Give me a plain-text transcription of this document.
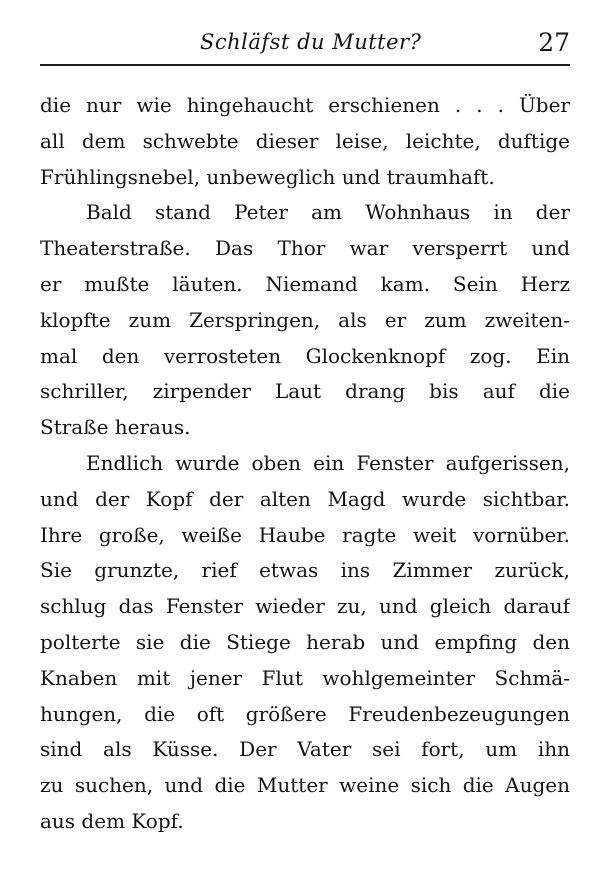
Schläfst du Mutter?	27
die nur wie hingehaucht erschienen . . . Über
all dem schwebte dieser leise, leichte, duftige
Frühlingsnebel, unbeweglich und traumhaft.
Bald stand Peter am Wohnhaus in der
Theaterstraße. Das Thor war versperrt und
er mußte läuten. Niemand kam. Sein Herz
klopfte zum Zerspringen, als er zum zweiten-
mal den verrosteten Glockenknopf zog. Ein
schriller, zirpender Laut drang bis auf die
Straße heraus.
Endlich wurde oben ein Fenster aufgerissen,
und der Kopf der alten Magd wurde sichtbar.
Ihre große, weiße Haube ragte weit vornüber.
Sie grunzte, rief etwas ins Zimmer zurück,
schlug das Fenster wieder zu, und gleich darauf
polterte sie die Stiege herab und empfing den
Knaben mit jener Flut wohlgemeinter Schmä-
hungen, die oft größere Freudenbezeugungen
sind als Küsse. Der Vater sei fort, um ihn
zu suchen, und die Mutter weine sich die Augen
aus dem Kopf.
